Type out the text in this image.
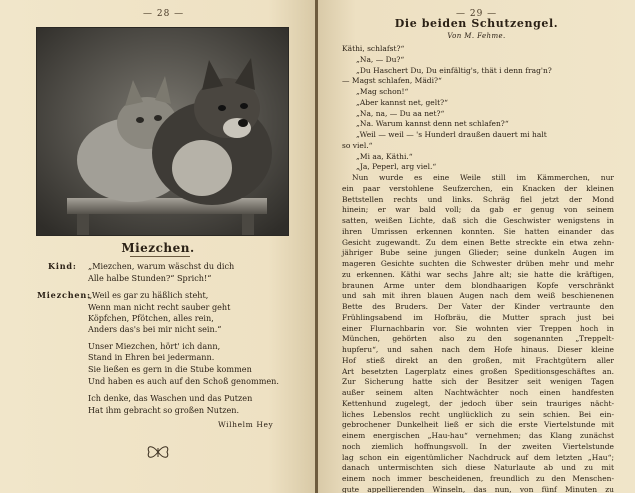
— 28 —
Miezchen.
Kind: „Miezchen, warum wäschst du dich
Alle halbe Stunden?“ Sprich!“
Miezchen:
„Weil es gar zu häßlich steht,
Wenn man nicht recht sauber geht
Köpfchen, Pfötchen, alles rein,
Anders das's bei mir nicht sein.“
Unser Miezchen, hört' ich dann,
Stand in Ehren bei jedermann.
Sie ließen es gern in die Stube kommen
Und haben es auch auf den Schoß genommen.
Ich denke, das Waschen und das Putzen
Hat ihm gebracht so großen Nutzen.
Wilhelm Hey
— 29 —
Die beiden Schutzengel.
Von M. Fehme.
Käthi, schlafst?“
„Na, — Du?“
„Du Haschert Du, Du einfältig's, thät i denn frag'n?
— Magst schlafen, Mädi?“
„Mag schon!“
„Aber kannst net, gelt?“
„Na, na, — Du aa net?“
„Na. Warum kannst denn net schlafen?“
„Weil — weil — 's Hunderl draußen dauert mi halt
so viel.“
„Mi aa, Käthi.“
„Ja, Peperl, arg viel.“
Nun wurde es eine Weile still im Kämmerchen, nur
ein paar verstohlene Seufzerchen, ein Knacken der kleinen
Bettstellen rechts und links. Schräg fiel jetzt der Mond
hinein; er war bald voll; da gab er genug von seinem
satten, weißen Lichte, daß sich die Geschwister wenigstens in
ihren Umrissen erkennen konnten. Sie hatten einander das
Gesicht zugewandt. Zu dem einen Bette streckte ein etwa zehn-
jähriger Bube seine jungen Glieder; seine dunkeln Augen im
mageren Gesichte suchten die Schwester drüben mehr und mehr
zu erkennen. Käthi war sechs Jahre alt; sie hatte die kräftigen,
braunen Arme unter dem blondhaarigen Kopfe verschränkt
und sah mit ihren blauen Augen nach dem weiß beschienenen
Bette des Bruders. Der Vater der Kinder vertraunte den
Frühlingsabend im Hofbräu, die Mutter sprach just bei
einer Flurnachbarin vor. Sie wohnten vier Treppen hoch in
München, gehörten also zu den sogenannten „Treppelt-
hupferu“, und sahen nach dem Hofe hinaus. Dieser kleine
Hof stieß direkt an den großen, mit Frachtgütern aller
Art besetzten Lagerplatz eines großen Speditionsgeschäftes an.
Zur Sicherung hatte sich der Besitzer seit wenigen Tagen
außer seinem alten Nachtwächter noch einen handfesten
Kettenhund zugelegt, der jedoch über sein trauriges nächt-
liches Lebenslos recht unglücklich zu sein schien. Bei ein-
gebrochener Dunkelheit ließ er sich die erste Viertelstunde mit
einem energischen „Hau-hau“ vernehmen; das Klang zunächst
noch ziemlich hoffnungsvoll. In der zweiten Viertelstunde
lag schon ein eigentümlicher Nachdruck auf dem letzten „Hau“;
danach untermischten sich diese Naturlaute ab und zu mit
einem noch immer bescheidenen, freundlich zu den Menschen-
gute appellierenden Winseln, das nun, von fünf Minuten zu
